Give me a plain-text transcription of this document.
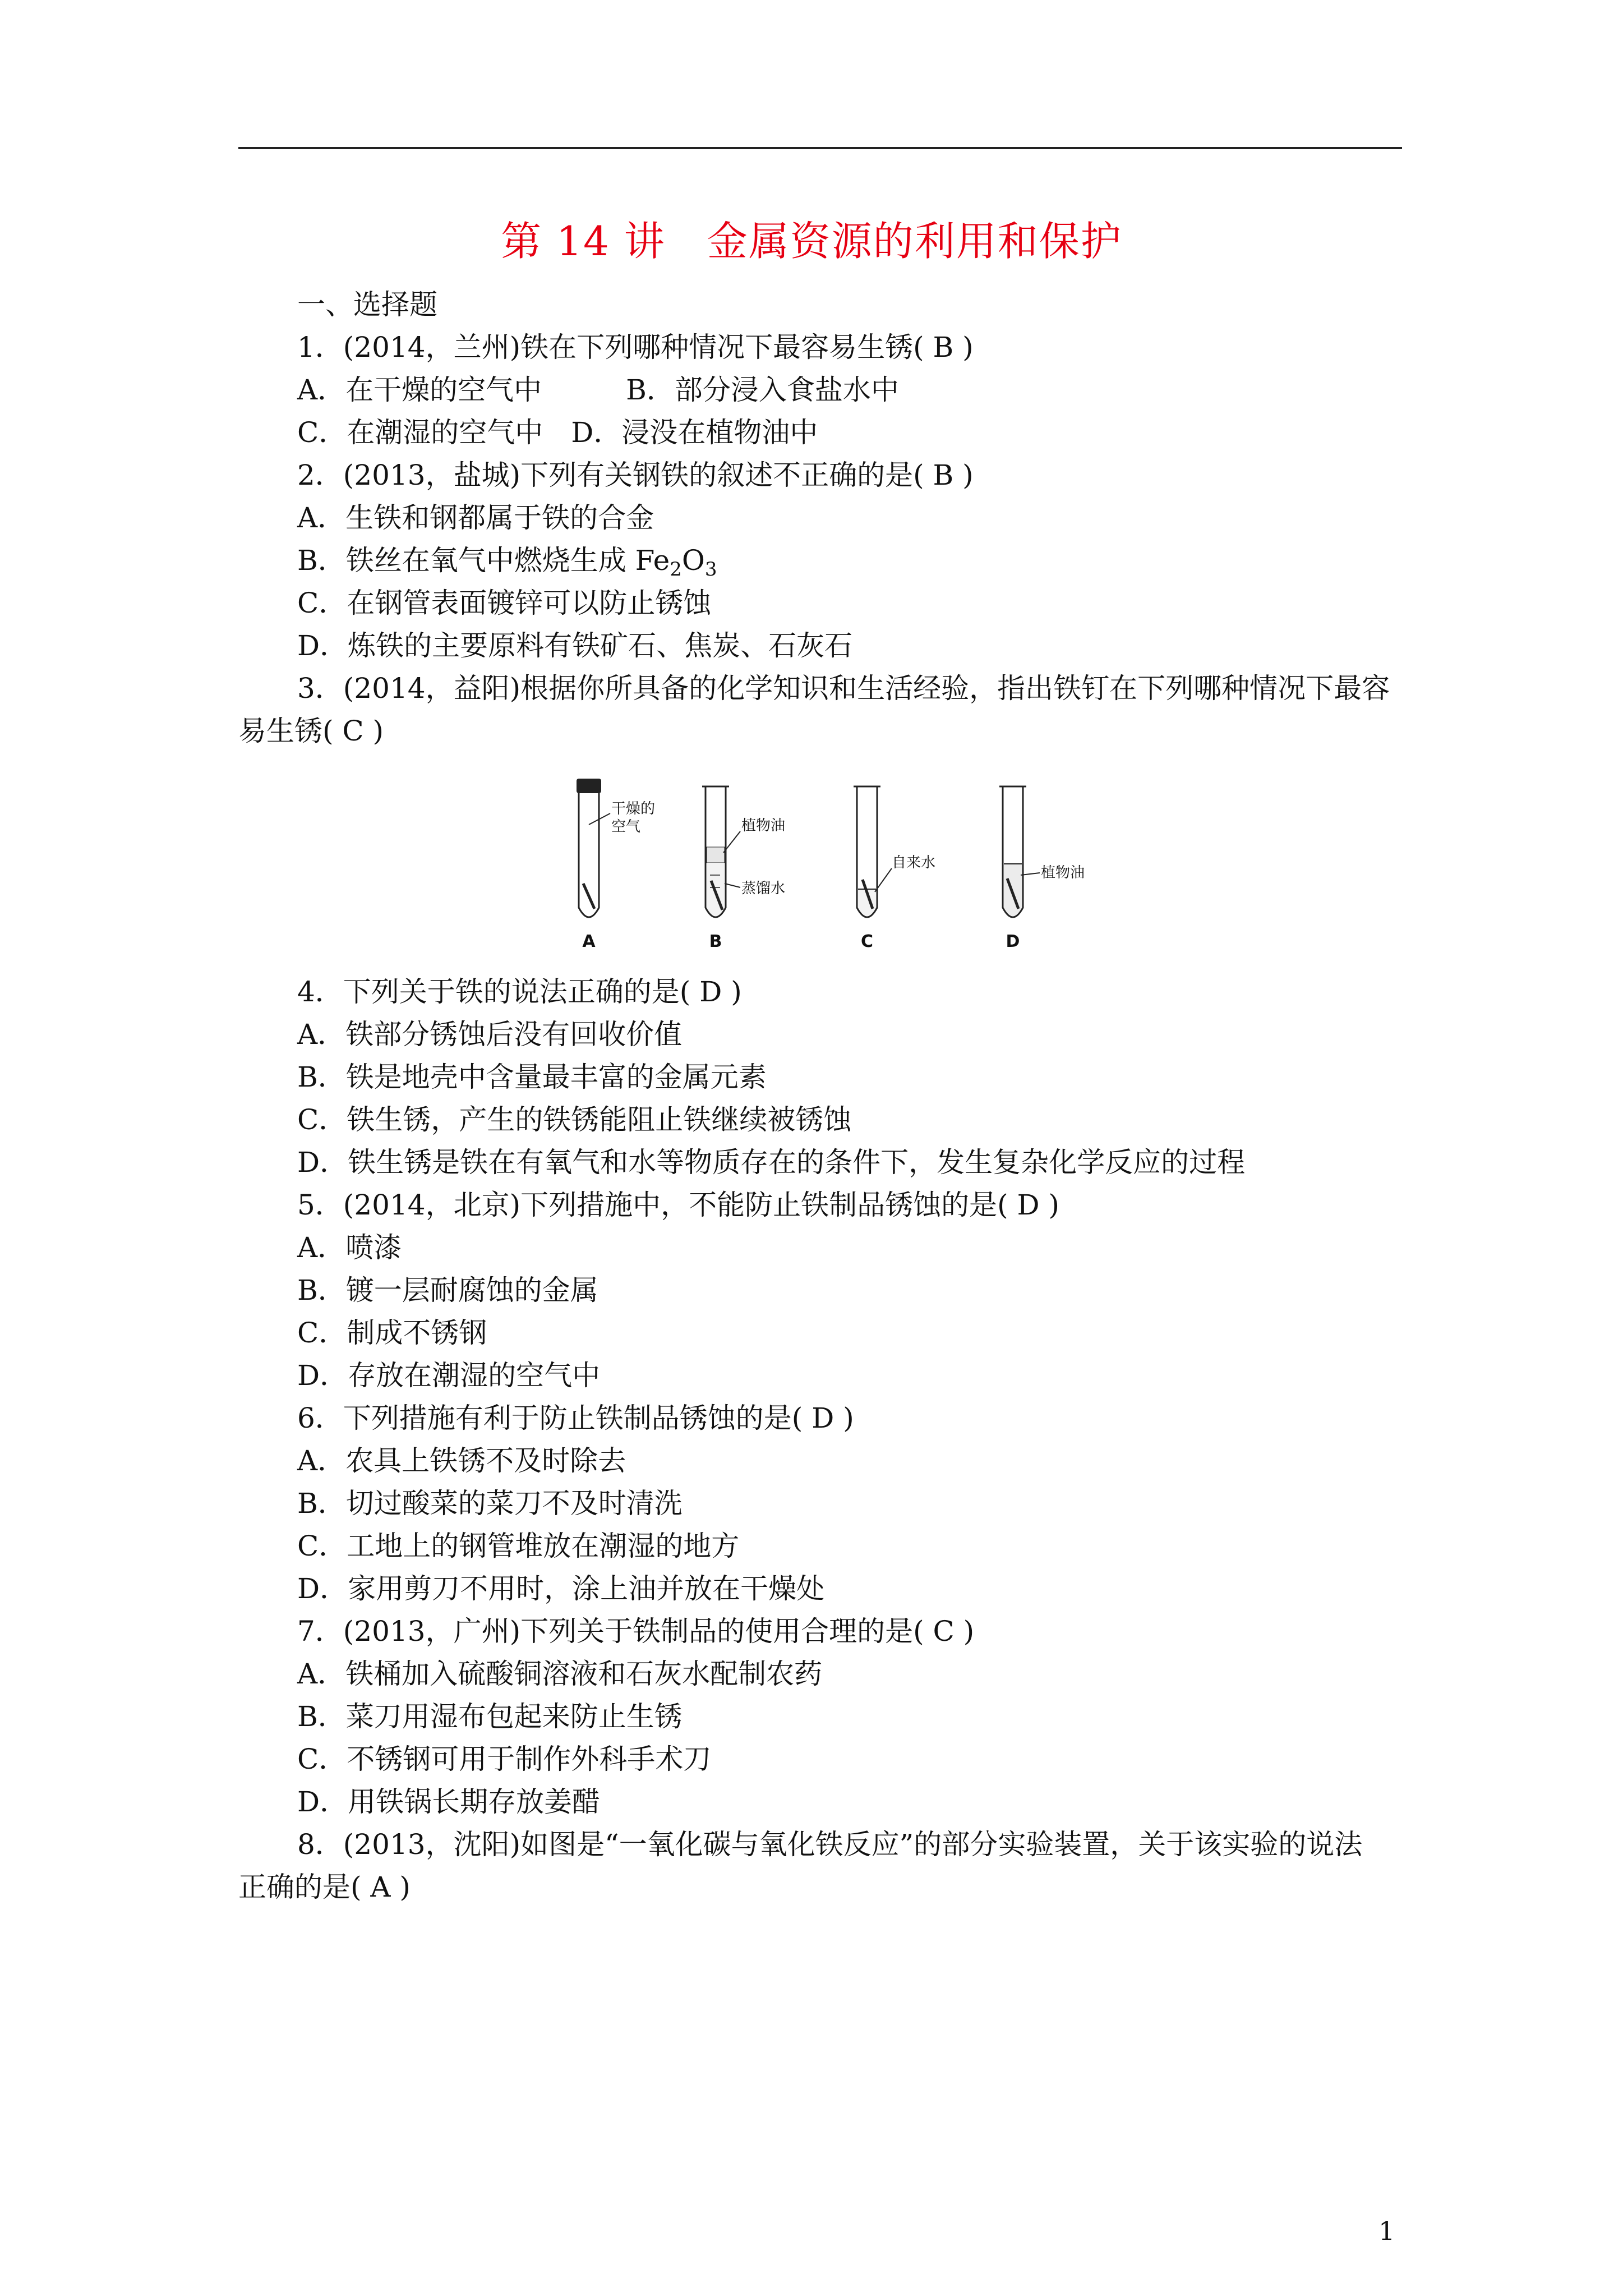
第 14 讲　金属资源的利用和保护
一、选择题
1．(2014，兰州)铁在下列哪种情况下最容易生锈( B )
A．在干燥的空气中　　　B．部分浸入食盐水中
C．在潮湿的空气中　D．浸没在植物油中
2．(2013，盐城)下列有关钢铁的叙述不正确的是( B )
A．生铁和钢都属于铁的合金
B．铁丝在氧气中燃烧生成 $Fe_2O_3$
C．在钢管表面镀锌可以防止锈蚀
D．炼铁的主要原料有铁矿石、焦炭、石灰石
3．(2014，益阳)根据你所具备的化学知识和生活经验，指出铁钉在下列哪种情况下最容
易生锈( C )
4．下列关于铁的说法正确的是( D )
A．铁部分锈蚀后没有回收价值
B．铁是地壳中含量最丰富的金属元素
C．铁生锈，产生的铁锈能阻止铁继续被锈蚀
D．铁生锈是铁在有氧气和水等物质存在的条件下，发生复杂化学反应的过程
5．(2014，北京)下列措施中，不能防止铁制品锈蚀的是( D )
A．喷漆
B．镀一层耐腐蚀的金属
C．制成不锈钢
D．存放在潮湿的空气中
6．下列措施有利于防止铁制品锈蚀的是( D )
A．农具上铁锈不及时除去
B．切过酸菜的菜刀不及时清洗
C．工地上的钢管堆放在潮湿的地方
D．家用剪刀不用时，涂上油并放在干燥处
7．(2013，广州)下列关于铁制品的使用合理的是( C )
A．铁桶加入硫酸铜溶液和石灰水配制农药
B．菜刀用湿布包起来防止生锈
C．不锈钢可用于制作外科手术刀
D．用铁锅长期存放姜醋
8．(2013，沈阳)如图是“一氧化碳与氧化铁反应”的部分实验装置，关于该实验的说法
正确的是( A )
干燥的
空气
A
植物油
蒸馏水
B
自来水
C
植物油
D
1
